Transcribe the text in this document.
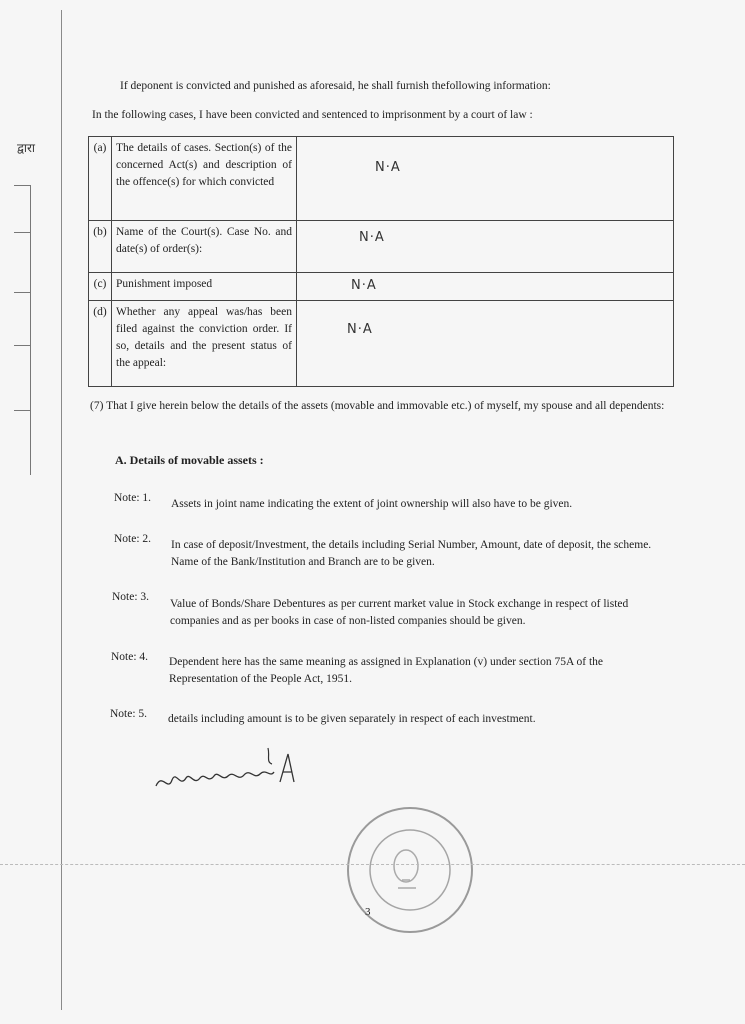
द्वारा
If deponent is convicted and punished as aforesaid, he shall furnish thefollowing information:
In the following cases, I have been convicted and sentenced to imprisonment by a court of law :
(a)	The details of cases. Section(s) of the concerned Act(s) and description of the offence(s) for which convicted	N·A

(b)	Name of the Court(s). Case No. and date(s) of order(s):	N·A

(c)	Punishment imposed	N·A

(d)	Whether any appeal was/has been filed against the conviction order. If so, details and the present status of the appeal:	N·A
(7) That I give herein below the details of the assets (movable and immovable etc.) of myself, my spouse and all dependents:
A. Details of movable assets :
Note: 1. Assets in joint name indicating the extent of joint ownership will also have to be given.
Note: 2. In case of deposit/Investment, the details including Serial Number, Amount, date of deposit, the scheme. Name of the Bank/Institution and Branch are to be given.
Note: 3.
Value of Bonds/Share Debentures as per current market value in Stock exchange in respect of listed companies and as per books in case of non-listed companies should be given.
Note: 4. Dependent here has the same meaning as assigned in Explanation (v) under section 75A of the Representation of the People Act, 1951.
Note: 5. details including amount is to be given separately in respect of each investment.
3
